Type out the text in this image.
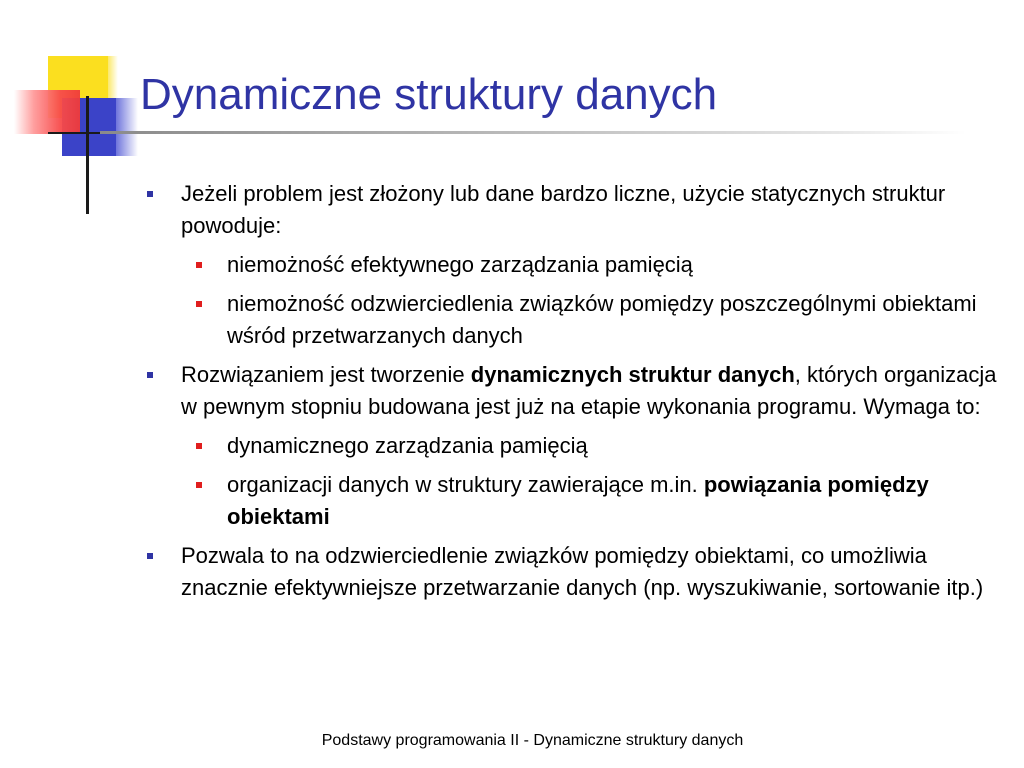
Dynamiczne struktury danych
Jeżeli problem jest złożony lub dane bardzo liczne, użycie statycznych struktur powoduje:
niemożność efektywnego zarządzania pamięcią
niemożność odzwierciedlenia związków pomiędzy poszczególnymi obiektami wśród przetwarzanych danych
Rozwiązaniem jest tworzenie dynamicznych struktur danych, których organizacja w pewnym stopniu budowana jest już na etapie wykonania programu. Wymaga to:
dynamicznego zarządzania pamięcią
organizacji danych w struktury zawierające m.in. powiązania pomiędzy obiektami
Pozwala to na odzwierciedlenie związków pomiędzy obiektami, co umożliwia znacznie efektywniejsze przetwarzanie danych (np. wyszukiwanie, sortowanie itp.)
Podstawy programowania II - Dynamiczne struktury danych
